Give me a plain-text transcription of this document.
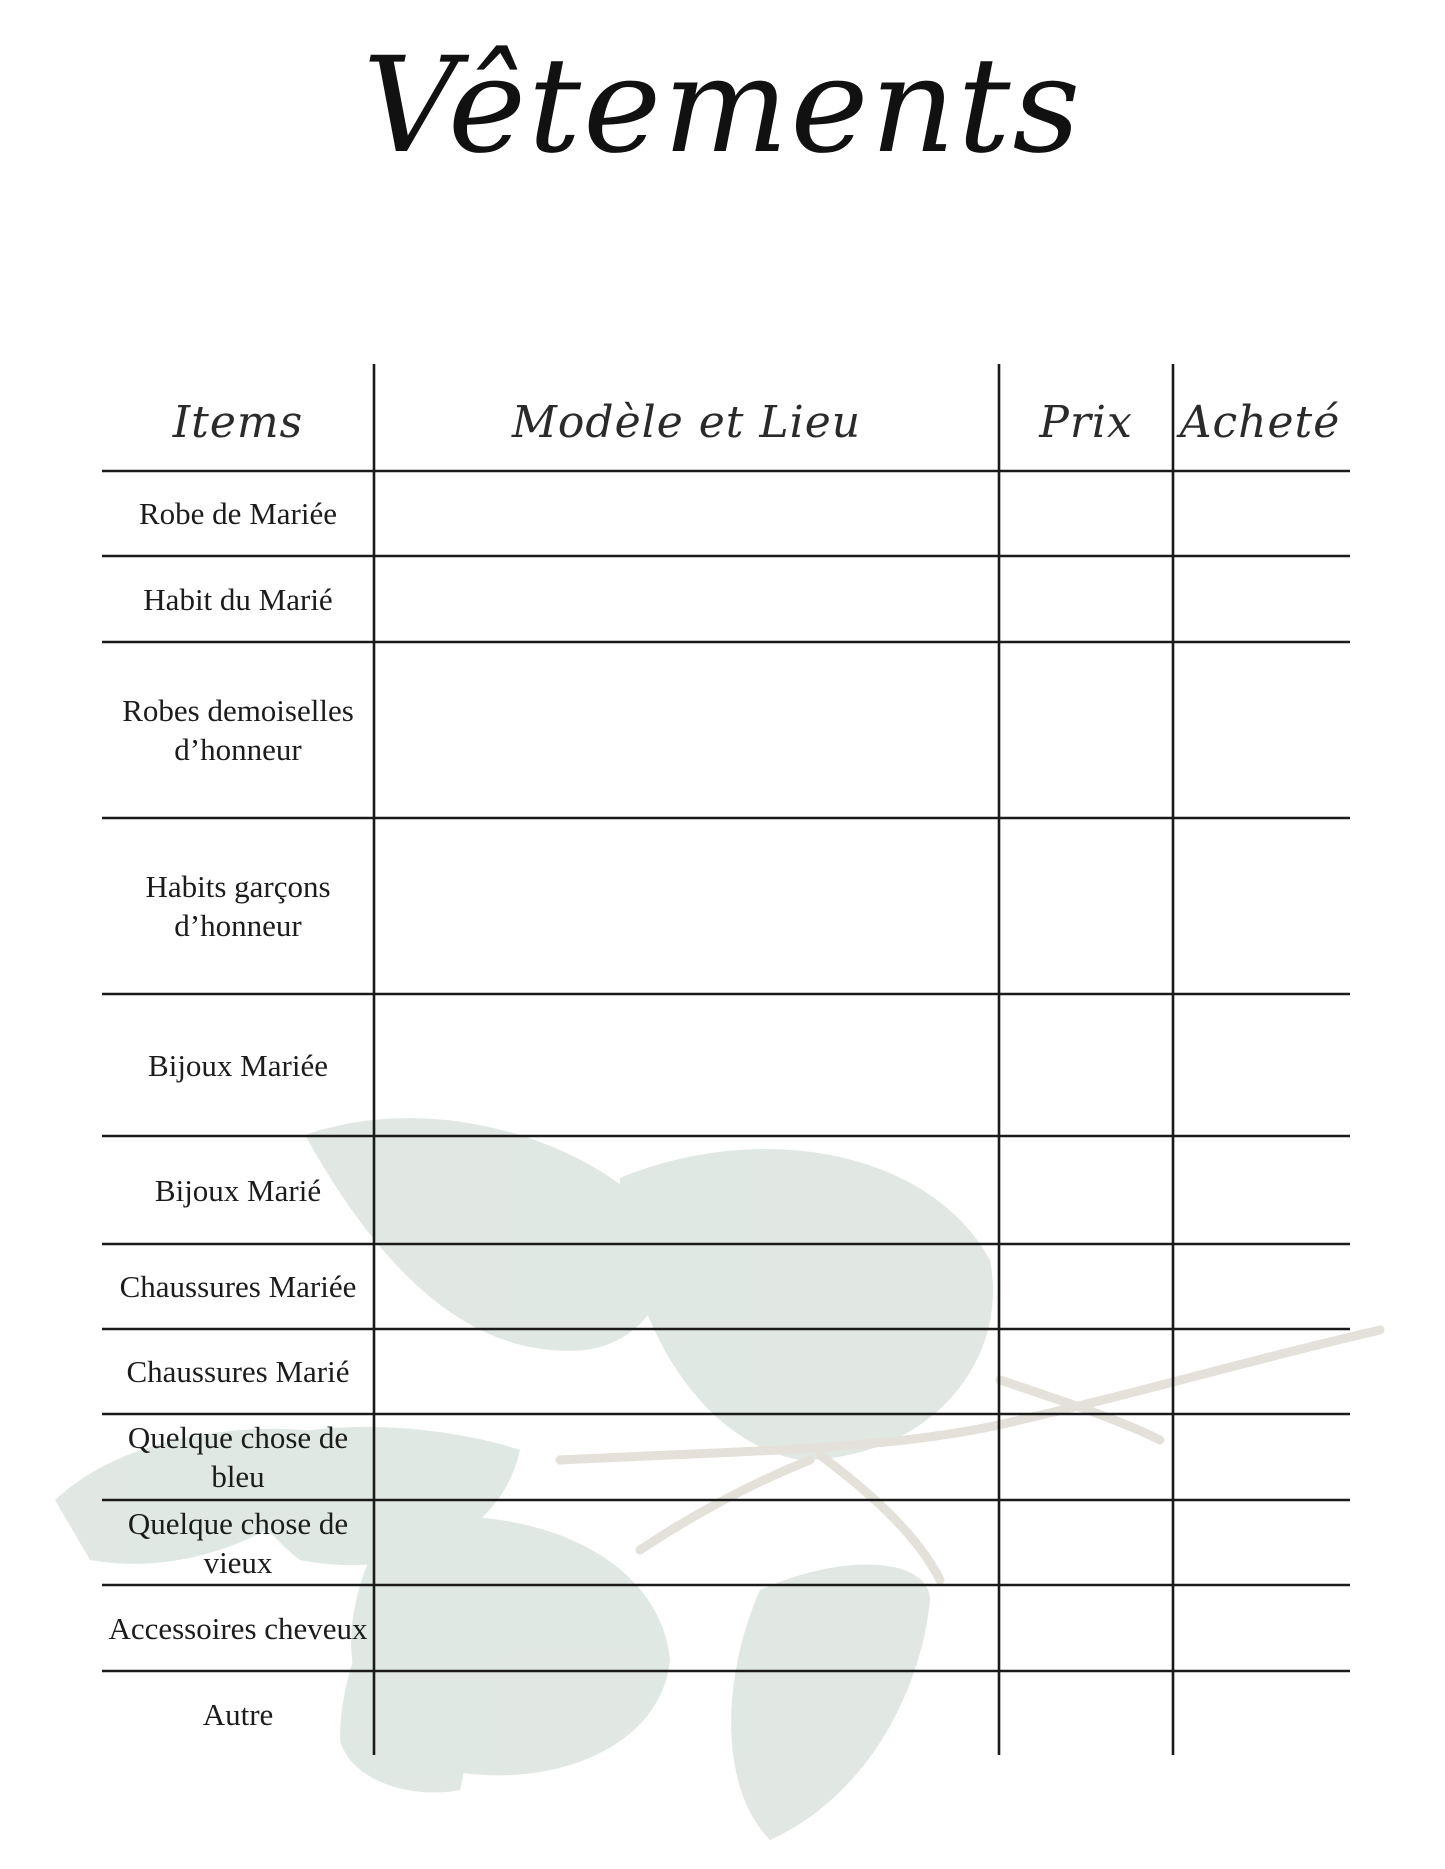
Vêtements
Items	Modèle et Lieu	Prix	Acheté
Robe de Mariée
Habit du Marié
Robes demoiselles d’honneur
Habits garçons d’honneur
Bijoux Mariée
Bijoux Marié
Chaussures Mariée
Chaussures Marié
Quelque chose de bleu
Quelque chose de vieux
Accessoires cheveux
Autre
